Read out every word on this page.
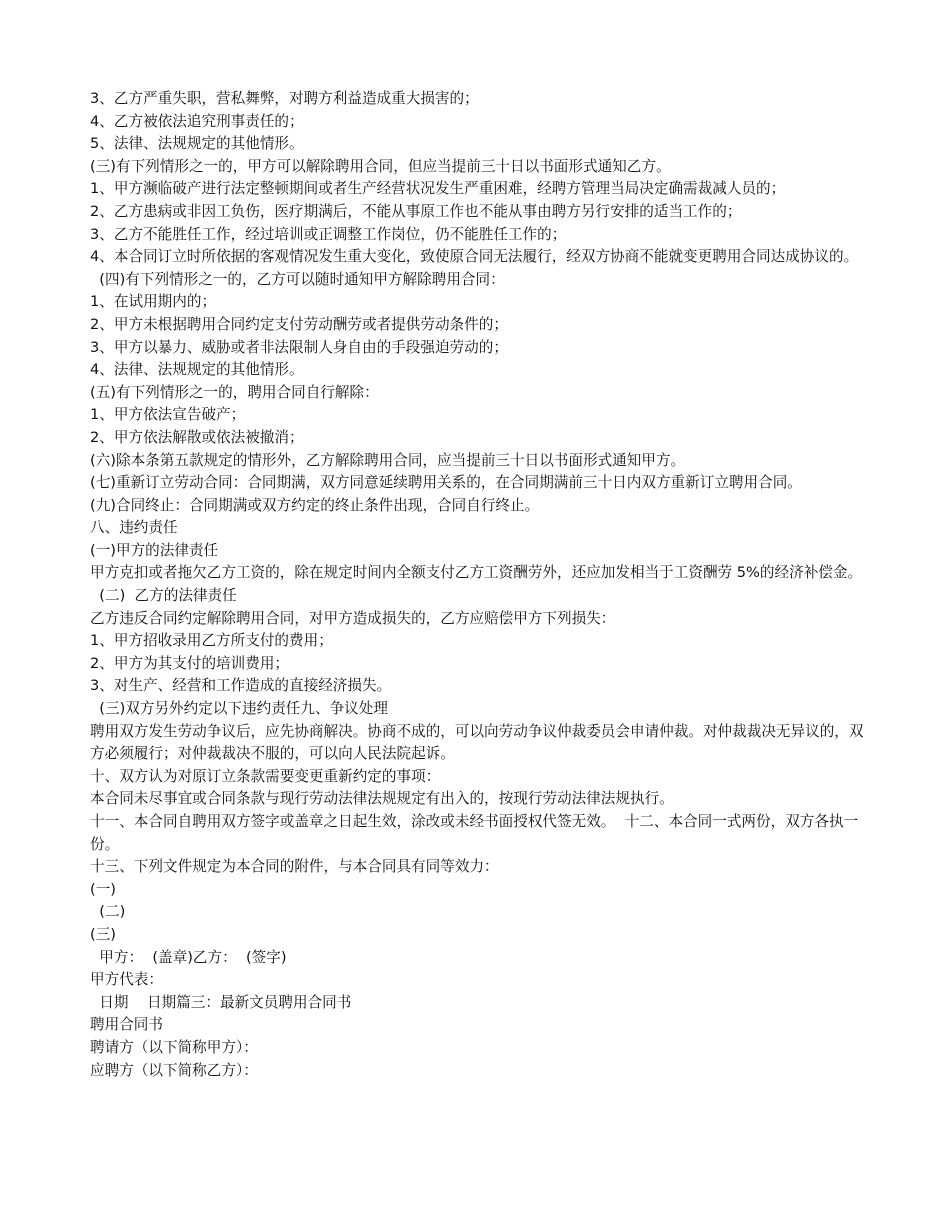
3、乙方严重失职，营私舞弊，对聘方利益造成重大损害的；

4、乙方被依法追究刑事责任的；

5、法律、法规规定的其他情形。

(三)有下列情形之一的，甲方可以解除聘用合同，但应当提前三十日以书面形式通知乙方。

1、甲方濒临破产进行法定整顿期间或者生产经营状况发生严重困难，经聘方管理当局决定确需裁减人员的；

2、乙方患病或非因工负伤，医疗期满后，不能从事原工作也不能从事由聘方另行安排的适当工作的；

3、乙方不能胜任工作，经过培训或正调整工作岗位，仍不能胜任工作的；

4、本合同订立时所依据的客观情况发生重大变化，致使原合同无法履行，经双方协商不能就变更聘用合同达成协议的。

(四)有下列情形之一的，乙方可以随时通知甲方解除聘用合同：

1、在试用期内的；

2、甲方未根据聘用合同约定支付劳动酬劳或者提供劳动条件的；

3、甲方以暴力、威胁或者非法限制人身自由的手段强迫劳动的；

4、法律、法规规定的其他情形。

(五)有下列情形之一的，聘用合同自行解除：

1、甲方依法宣告破产；

2、甲方依法解散或依法被撤消；

(六)除本条第五款规定的情形外，乙方解除聘用合同，应当提前三十日以书面形式通知甲方。

(七)重新订立劳动合同：合同期满，双方同意延续聘用关系的，在合同期满前三十日内双方重新订立聘用合同。

(九)合同终止：合同期满或双方约定的终止条件出现，合同自行终止。

八、违约责任

(一)甲方的法律责任

甲方克扣或者拖欠乙方工资的，除在规定时间内全额支付乙方工资酬劳外，还应加发相当于工资酬劳 5%的经济补偿金。

(二)  乙方的法律责任

乙方违反合同约定解除聘用合同，对甲方造成损失的，乙方应赔偿甲方下列损失：

1、甲方招收录用乙方所支付的费用；

2、甲方为其支付的培训费用；

3、对生产、经营和工作造成的直接经济损失。

(三)双方另外约定以下违约责任九、争议处理

聘用双方发生劳动争议后，应先协商解决。协商不成的，可以向劳动争议仲裁委员会申请仲裁。对仲裁裁决无异议的，双方必须履行；对仲裁裁决不服的，可以向人民法院起诉。

十、双方认为对原订立条款需要变更重新约定的事项：

本合同未尽事宜或合同条款与现行劳动法律法规规定有出入的，按现行劳动法律法规执行。

十一、本合同自聘用双方签字或盖章之日起生效，涂改或未经书面授权代签无效。  十二、本合同一式两份，双方各执一份。

十三、下列文件规定为本合同的附件，与本合同具有同等效力：

(一)

(二)

(三)

甲方：  (盖章)乙方：  (签字)

甲方代表：

日期    日期篇三：最新文员聘用合同书

聘用合同书

聘请方（以下简称甲方）：

应聘方（以下简称乙方）：
